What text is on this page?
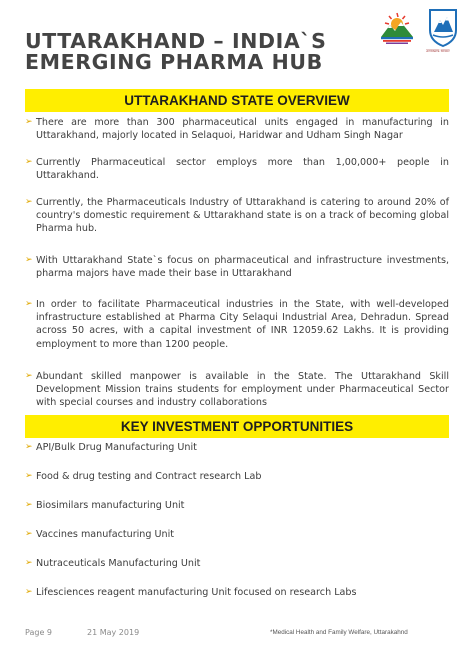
UTTARAKHAND – INDIA`S
EMERGING PHARMA HUB	उत्तराखण्ड सरकार
UTTARAKHAND STATE OVERVIEW
➢ There are more than 300 pharmaceutical units engaged in manufacturing in Uttarakhand, majorly located in Selaquoi, Haridwar and Udham Singh Nagar
➢ Currently Pharmaceutical sector employs more than 1,00,000+ people in Uttarakhand.
➢ Currently, the Pharmaceuticals Industry of Uttarakhand is catering to around 20% of country's domestic requirement & Uttarakhand state is on a track of becoming global Pharma hub.
➢ With Uttarakhand State`s focus on pharmaceutical and infrastructure investments, pharma majors have made their base in Uttarakhand
➢ In order to facilitate Pharmaceutical industries in the State, with well-developed infrastructure established at Pharma City Selaqui Industrial Area, Dehradun. Spread across 50 acres, with a capital investment of INR 12059.62 Lakhs. It is providing employment to more than 1200 people.
➢ Abundant skilled manpower is available in the State. The Uttarakhand Skill Development Mission trains students for employment under Pharmaceutical Sector with special courses and industry collaborations
KEY INVESTMENT OPPORTUNITIES
➢ API/Bulk Drug Manufacturing Unit
➢ Food & drug testing and Contract research Lab
➢ Biosimilars manufacturing Unit
➢ Vaccines manufacturing Unit
➢ Nutraceuticals Manufacturing Unit
➢ Lifesciences reagent manufacturing Unit focused on research Labs
Page 9	21 May 2019	*Medical Health and Family Welfare, Uttarakahnd
